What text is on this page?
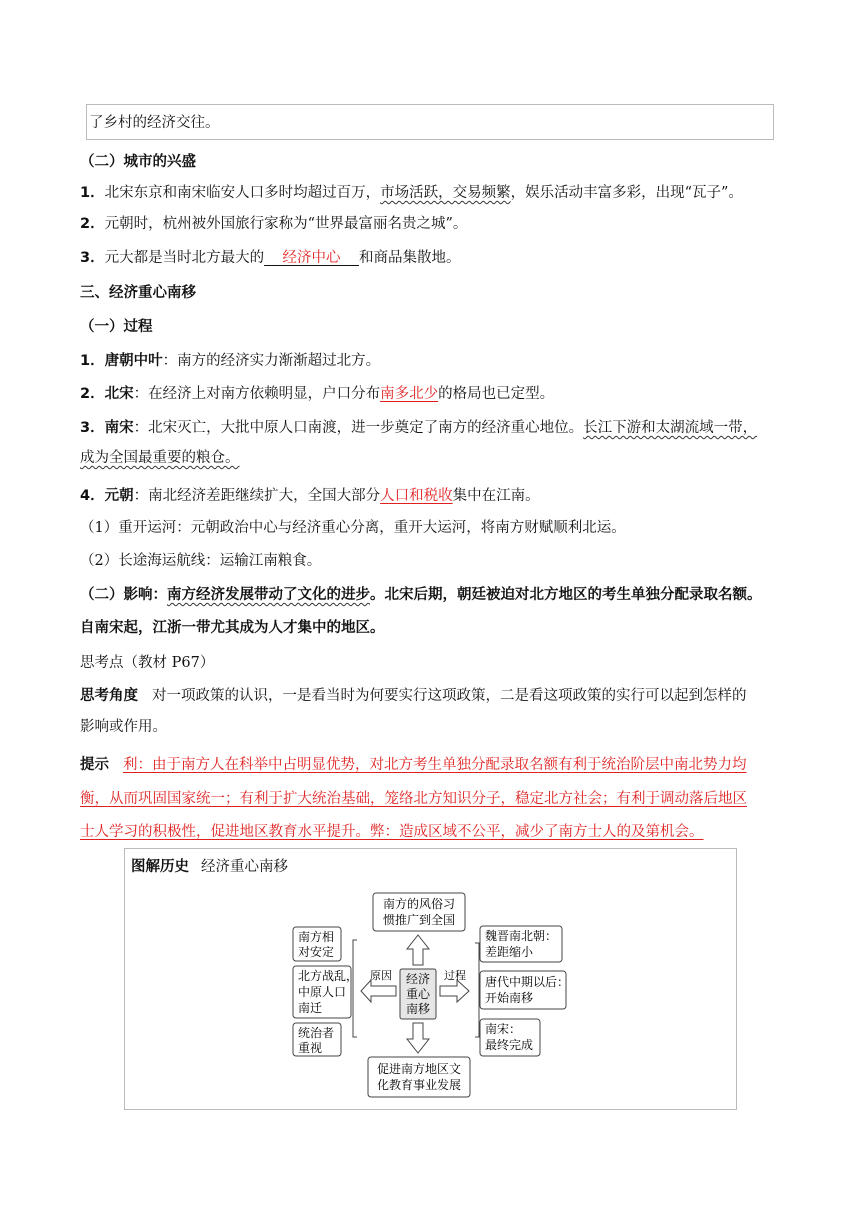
了乡村的经济交往。
（二）城市的兴盛
1．北宋东京和南宋临安人口多时均超过百万，市场活跃，交易频繁，娱乐活动丰富多彩，出现“瓦子”。
2．元朝时，杭州被外国旅行家称为“世界最富丽名贵之城”。
3．元大都是当时北方最大的    经济中心    和商品集散地。
三、经济重心南移
（一）过程
1．唐朝中叶：南方的经济实力渐渐超过北方。
2．北宋：在经济上对南方依赖明显，户口分布南多北少的格局也已定型。
3．南宋：北宋灭亡，大批中原人口南渡，进一步奠定了南方的经济重心地位。长江下游和太湖流域一带，
成为全国最重要的粮仓。
4．元朝：南北经济差距继续扩大，全国大部分人口和税收集中在江南。
（1）重开运河：元朝政治中心与经济重心分离，重开大运河，将南方财赋顺利北运。
（2）长途海运航线：运输江南粮食。
（二）影响：南方经济发展带动了文化的进步。北宋后期，朝廷被迫对北方地区的考生单独分配录取名额。
自南宋起，江浙一带尤其成为人才集中的地区。
思考点（教材 P67）
思考角度 对一项政策的认识，一是看当时为何要实行这项政策，二是看这项政策的实行可以起到怎样的
影响或作用。
提示 利：由于南方人在科举中占明显优势，对北方考生单独分配录取名额有利于统治阶层中南北势力均
衡，从而巩固国家统一；有利于扩大统治基础，笼络北方知识分子，稳定北方社会；有利于调动落后地区
士人学习的积极性，促进地区教育水平提升。弊：造成区域不公平，减少了南方士人的及第机会。
图解历史 经济重心南移
经济
重心
南移
南方的风俗习
惯推广到全国
促进南方地区文
化教育事业发展
原因	过程
南方相
对安定
北方战乱，
中原人口
南迁
统治者
重视
魏晋南北朝：
差距缩小
唐代中期以后：
开始南移
南宋：
最终完成
